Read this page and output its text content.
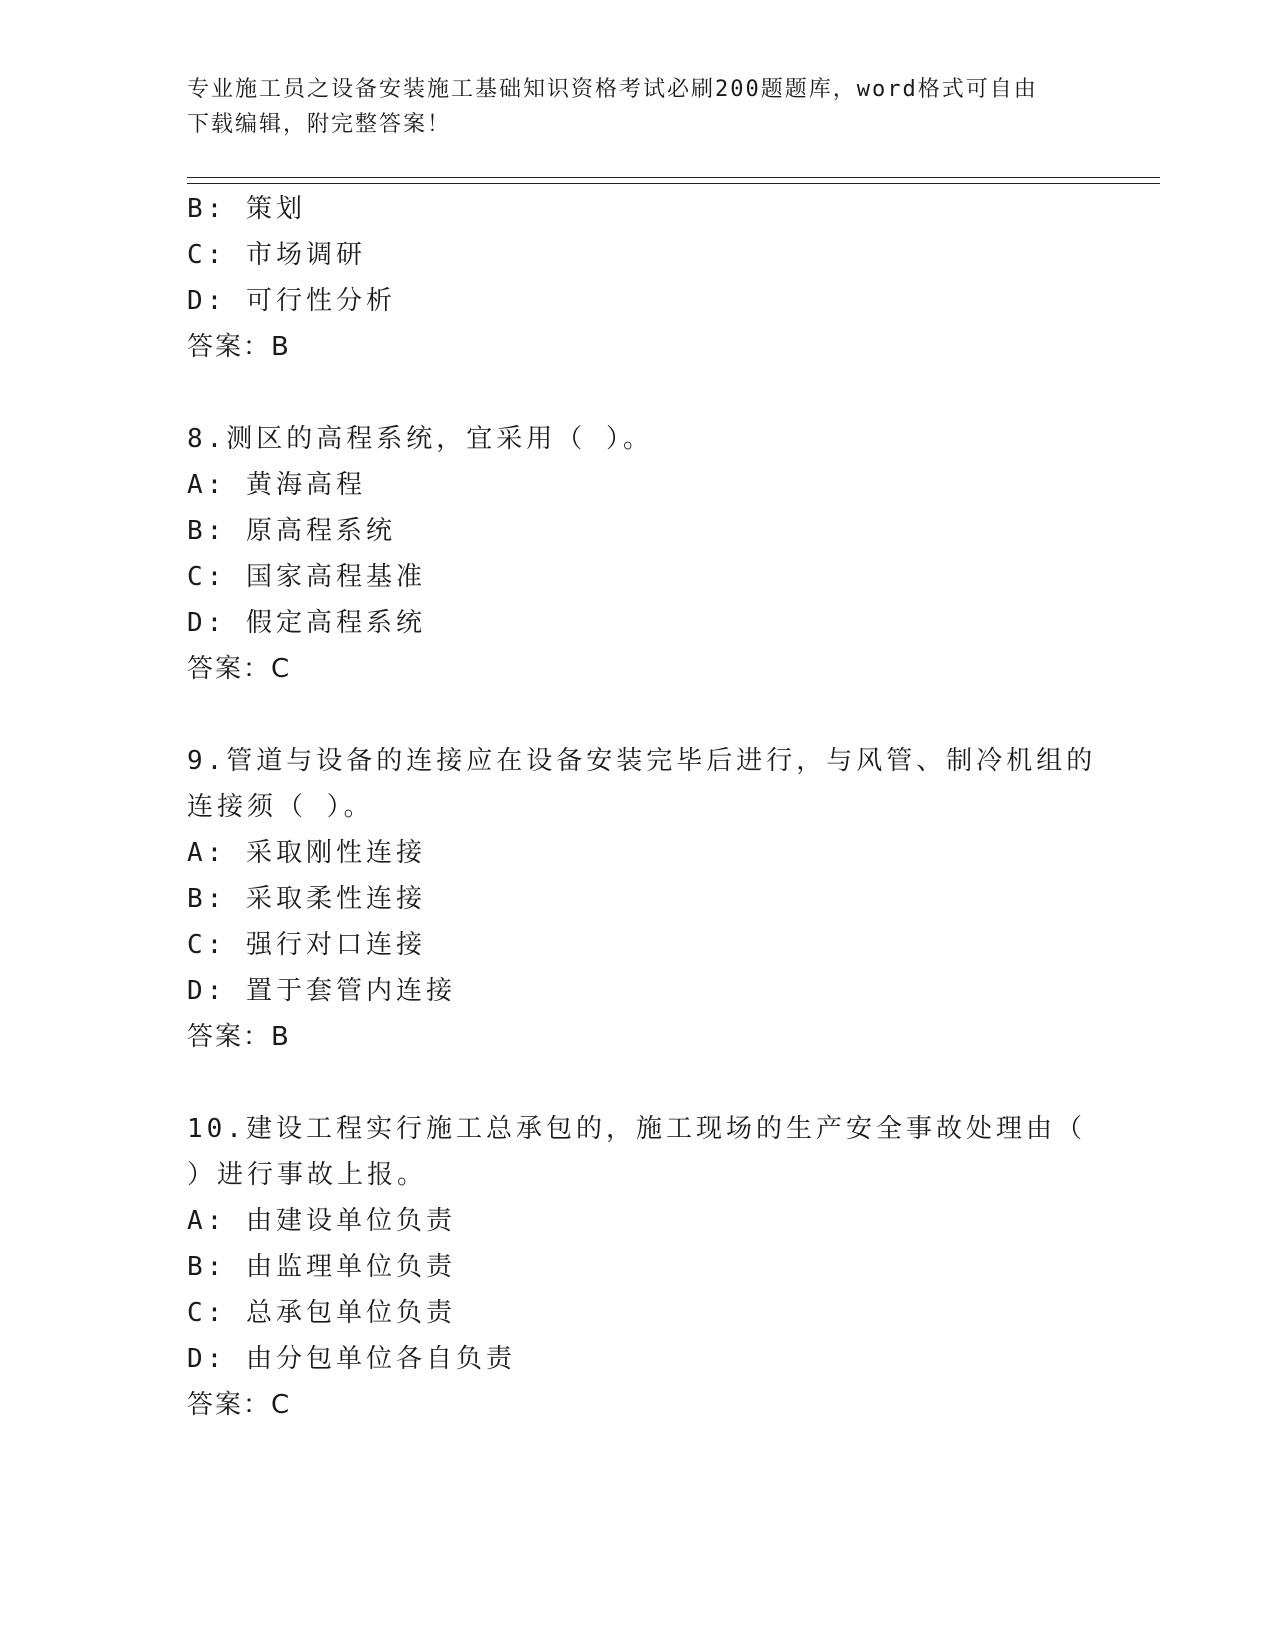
专业施工员之设备安装施工基础知识资格考试必刷200题题库，word格式可自由
下载编辑，附完整答案！
B: 策划
C: 市场调研
D: 可行性分析
答案：B
8.测区的高程系统，宜采用（ ）。
A: 黄海高程
B: 原高程系统
C: 国家高程基准
D: 假定高程系统
答案：C
9.管道与设备的连接应在设备安装完毕后进行，与风管、制冷机组的
连接须（ ）。
A: 采取刚性连接
B: 采取柔性连接
C: 强行对口连接
D: 置于套管内连接
答案：B
10.建设工程实行施工总承包的，施工现场的生产安全事故处理由（
）进行事故上报。
A: 由建设单位负责
B: 由监理单位负责
C: 总承包单位负责
D: 由分包单位各自负责
答案：C
